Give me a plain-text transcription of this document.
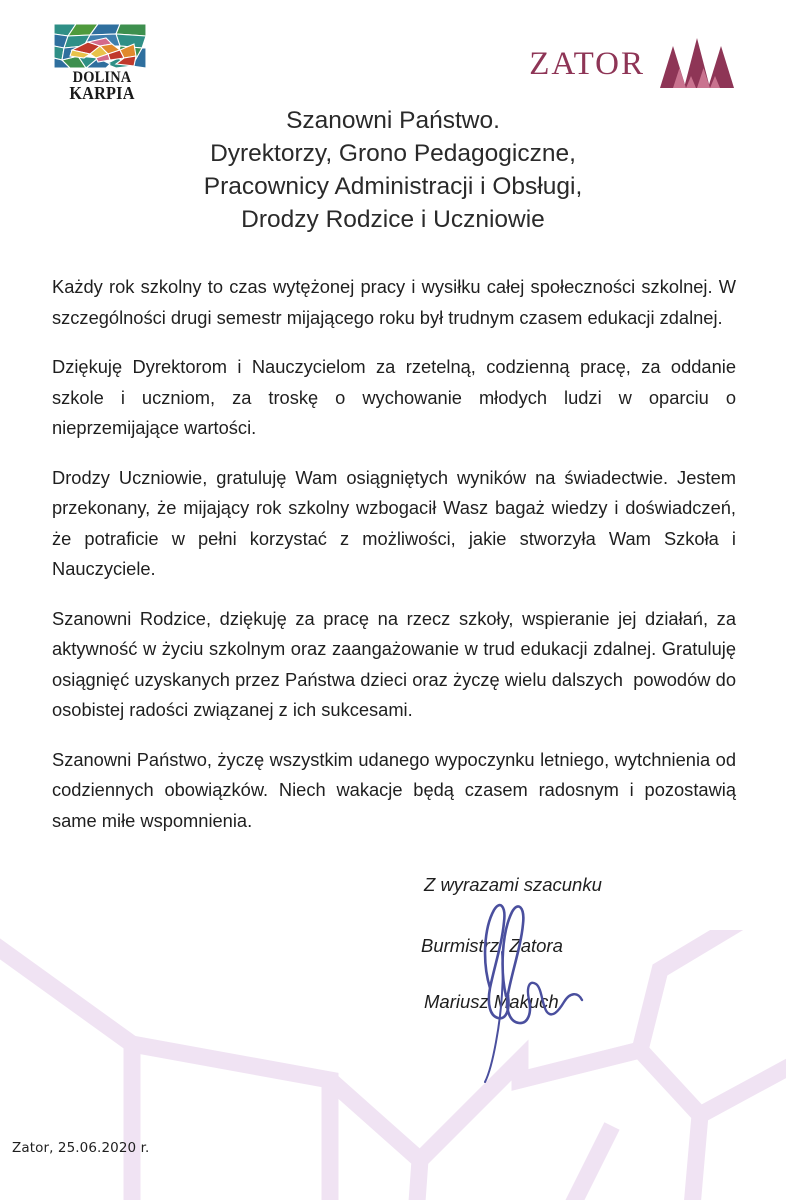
DOLINA
KARPIA
ZATOR
Szanowni Państwo.
Dyrektorzy, Grono Pedagogiczne,
Pracownicy Administracji i Obsługi,
Drodzy Rodzice i Uczniowie

Każdy rok szkolny to czas wytężonej pracy i wysiłku całej społeczności szkolnej. W szczególności drugi semestr mijającego roku był trudnym czasem edukacji zdalnej.

Dziękuję Dyrektorom i Nauczycielom za rzetelną, codzienną pracę, za oddanie szkole i uczniom, za troskę o wychowanie młodych ludzi w oparciu o nieprzemijające wartości.

Drodzy Uczniowie, gratuluję Wam osiągniętych wyników na świadectwie. Jestem przekonany, że mijający rok szkolny wzbogacił Wasz bagaż wiedzy i doświadczeń, że potraficie w pełni korzystać z możliwości, jakie stworzyła Wam Szkoła i Nauczyciele.

Szanowni Rodzice, dziękuję za pracę na rzecz szkoły, wspieranie jej działań, za aktywność w życiu szkolnym oraz zaangażowanie w trud edukacji zdalnej. Gratuluję osiągnięć uzyskanych przez Państwa dzieci oraz życzę wielu dalszych  powodów do osobistej radości związanej z ich sukcesami.

Szanowni Państwo, życzę wszystkim udanego wypoczynku letniego, wytchnienia od codziennych obowiązków. Niech wakacje będą czasem radosnym i pozostawią same miłe wspomnienia.

Z wyrazami szacunku
Burmistrz  Zatora
Mariusz Makuch
Zator, 25.06.2020 r.
